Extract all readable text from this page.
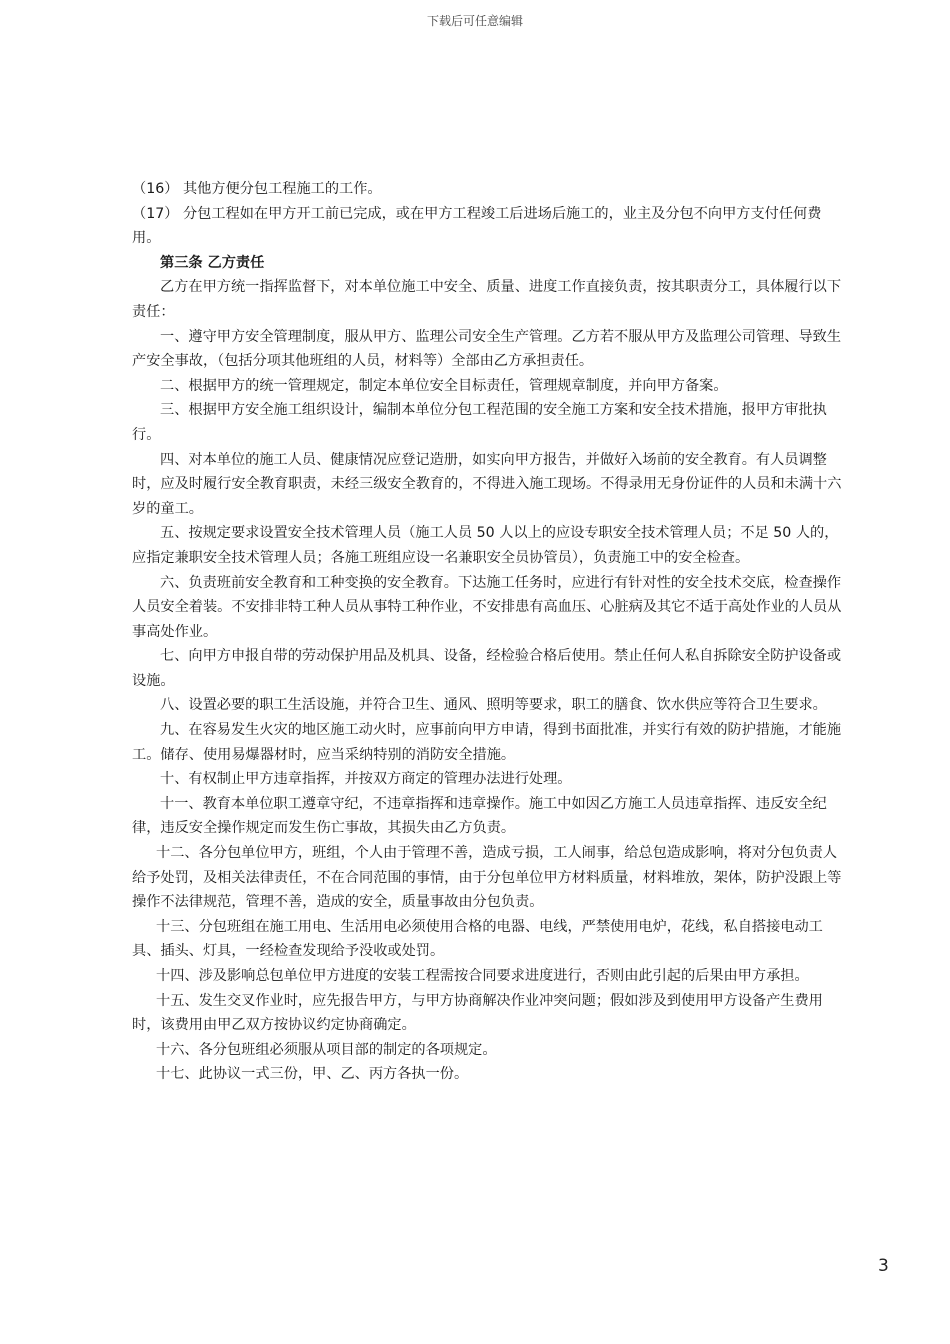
下载后可任意编辑

（16） 其他方便分包工程施工的工作。

（17） 分包工程如在甲方开工前已完成，或在甲方工程竣工后进场后施工的，业主及分包不向甲方支付任何费用。

第三条 乙方责任

乙方在甲方统一指挥监督下，对本单位施工中安全、质量、进度工作直接负责，按其职责分工，具体履行以下责任：

一、遵守甲方安全管理制度，服从甲方、监理公司安全生产管理。乙方若不服从甲方及监理公司管理、导致生产安全事故，（包括分项其他班组的人员，材料等）全部由乙方承担责任。

二、根据甲方的统一管理规定，制定本单位安全目标责任，管理规章制度，并向甲方备案。

三、根据甲方安全施工组织设计，编制本单位分包工程范围的安全施工方案和安全技术措施，报甲方审批执行。

四、对本单位的施工人员、健康情况应登记造册，如实向甲方报告，并做好入场前的安全教育。有人员调整时，应及时履行安全教育职责，未经三级安全教育的，不得进入施工现场。不得录用无身份证件的人员和未满十六岁的童工。

五、按规定要求设置安全技术管理人员（施工人员 50 人以上的应设专职安全技术管理人员；不足 50 人的，应指定兼职安全技术管理人员；各施工班组应设一名兼职安全员协管员），负责施工中的安全检查。

六、负责班前安全教育和工种变换的安全教育。下达施工任务时，应进行有针对性的安全技术交底，检查操作人员安全着装。不安排非特工种人员从事特工种作业，不安排患有高血压、心脏病及其它不适于高处作业的人员从事高处作业。

七、向甲方申报自带的劳动保护用品及机具、设备，经检验合格后使用。禁止任何人私自拆除安全防护设备或设施。

八、设置必要的职工生活设施，并符合卫生、通风、照明等要求，职工的膳食、饮水供应等符合卫生要求。

九、在容易发生火灾的地区施工动火时，应事前向甲方申请，得到书面批准，并实行有效的防护措施，才能施工。储存、使用易爆器材时，应当采纳特别的消防安全措施。

十、有权制止甲方违章指挥，并按双方商定的管理办法进行处理。

十一、教育本单位职工遵章守纪，不违章指挥和违章操作。施工中如因乙方施工人员违章指挥、违反安全纪律，违反安全操作规定而发生伤亡事故，其损失由乙方负责。

十二、各分包单位甲方，班组，个人由于管理不善，造成亏损，工人闹事，给总包造成影响，将对分包负责人给予处罚，及相关法律责任，不在合同范围的事情，由于分包单位甲方材料质量，材料堆放，架体，防护没跟上等操作不法律规范，管理不善，造成的安全，质量事故由分包负责。

十三、分包班组在施工用电、生活用电必须使用合格的电器、电线，严禁使用电炉，花线，私自搭接电动工具、插头、灯具，一经检查发现给予没收或处罚。

十四、涉及影响总包单位甲方进度的安装工程需按合同要求进度进行，否则由此引起的后果由甲方承担。

十五、发生交叉作业时，应先报告甲方，与甲方协商解决作业冲突问题；假如涉及到使用甲方设备产生费用时，该费用由甲乙双方按协议约定协商确定。

十六、各分包班组必须服从项目部的制定的各项规定。

十七、此协议一式三份，甲、乙、丙方各执一份。

3
